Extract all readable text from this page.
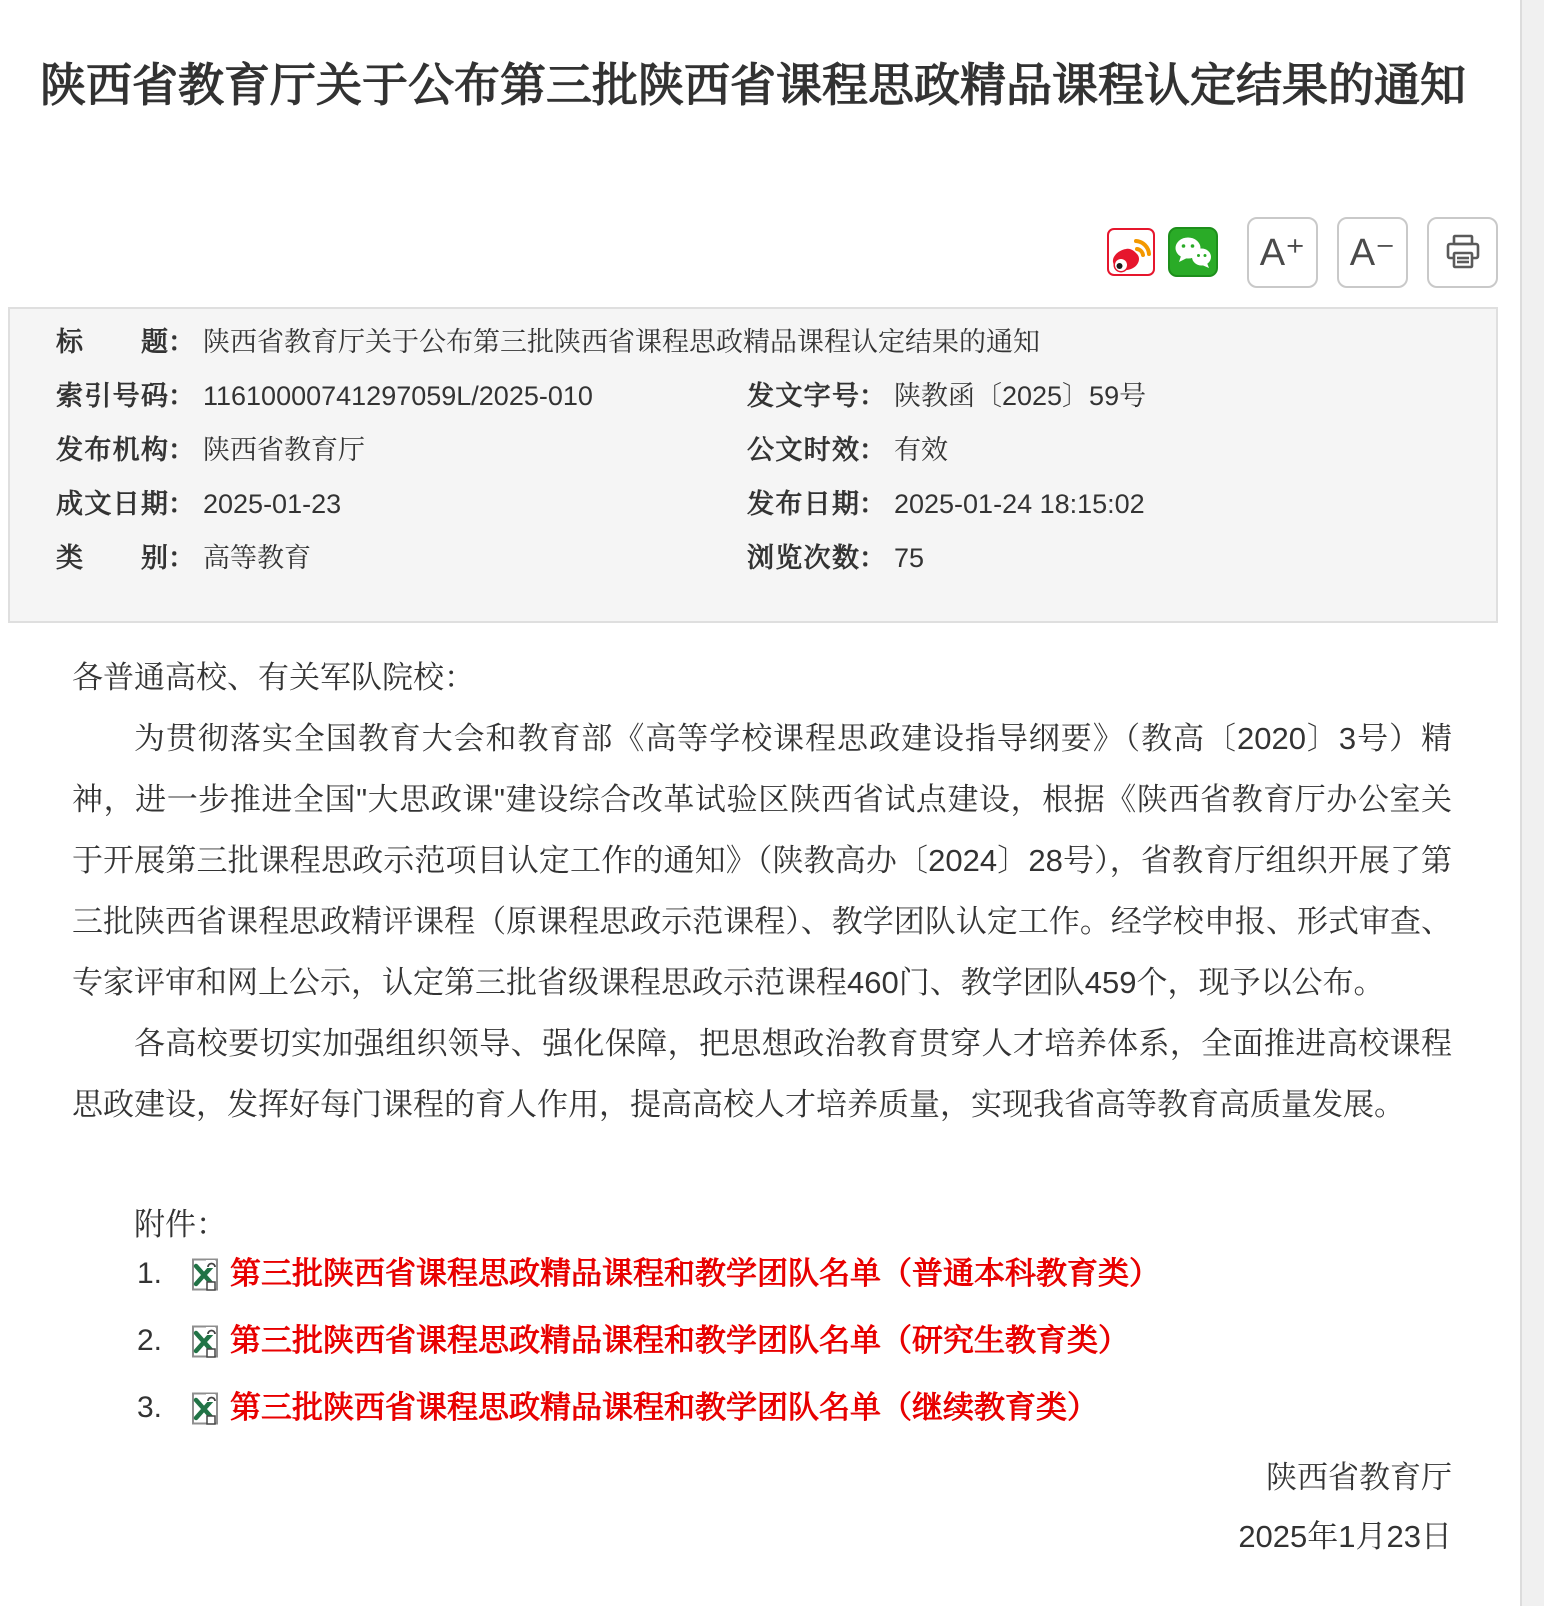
陕西省教育厅关于公布第三批陕西省课程思政精品课程认定结果的通知
A⁺	A⁻
标题： 陕西省教育厅关于公布第三批陕西省课程思政精品课程认定结果的通知
索引号码： 11610000741297059L/2025-010	发文字号： 陕教函〔2025〕59号
发布机构： 陕西省教育厅	公文时效： 有效
成文日期： 2025-01-23	发布日期： 2025-01-24 18:15:02
类别： 高等教育	浏览次数： 75

各普通高校、有关军队院校：

为贯彻落实全国教育大会和教育部《高等学校课程思政建设指导纲要》（教高〔2020〕3号）精神，进一步推进全国"大思政课"建设综合改革试验区陕西省试点建设，根据《陕西省教育厅办公室关于开展第三批课程思政示范项目认定工作的通知》（陕教高办〔2024〕28号），省教育厅组织开展了第三批陕西省课程思政精评课程（原课程思政示范课程）、教学团队认定工作。经学校申报、形式审查、专家评审和网上公示，认定第三批省级课程思政示范课程460门、教学团队459个，现予以公布。

各高校要切实加强组织领导、强化保障，把思想政治教育贯穿人才培养体系，全面推进高校课程思政建设，发挥好每门课程的育人作用，提高高校人才培养质量，实现我省高等教育高质量发展。

附件：

1.	第三批陕西省课程思政精品课程和教学团队名单（普通本科教育类）
2.	第三批陕西省课程思政精品课程和教学团队名单（研究生教育类）
3.	第三批陕西省课程思政精品课程和教学团队名单（继续教育类）
陕西省教育厅
2025年1月23日
